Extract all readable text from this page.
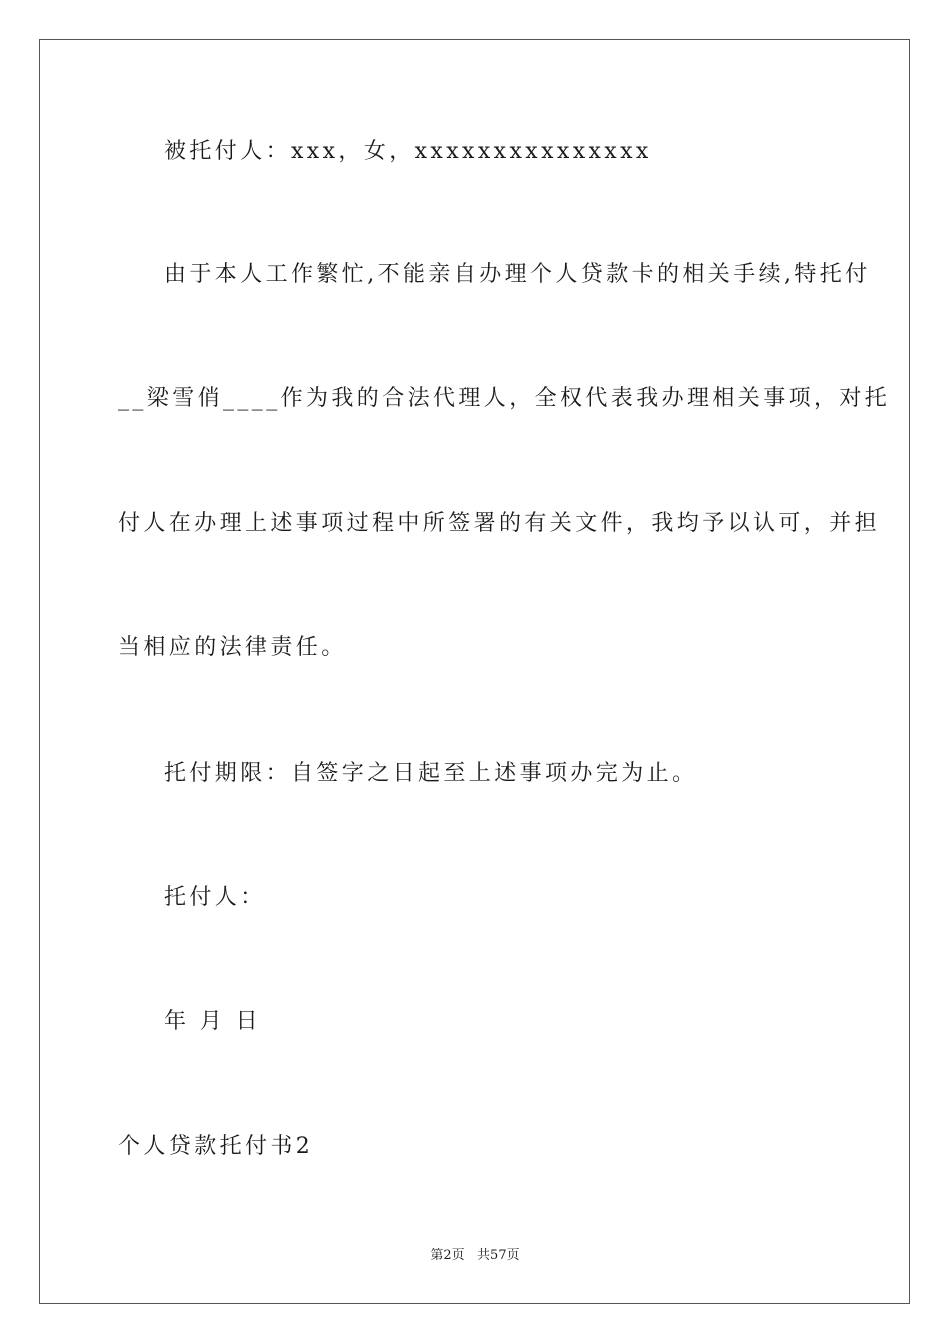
被托付人：xxx，女，xxxxxxxxxxxxxxx
由于本人工作繁忙,不能亲自办理个人贷款卡的相关手续,特托付
__梁雪俏____作为我的合法代理人，全权代表我办理相关事项，对托
付人在办理上述事项过程中所签署的有关文件，我均予以认可，并担
当相应的法律责任。
托付期限：自签字之日起至上述事项办完为止。
托付人：
年 月 日
个人贷款托付书2
第2页   共57页
